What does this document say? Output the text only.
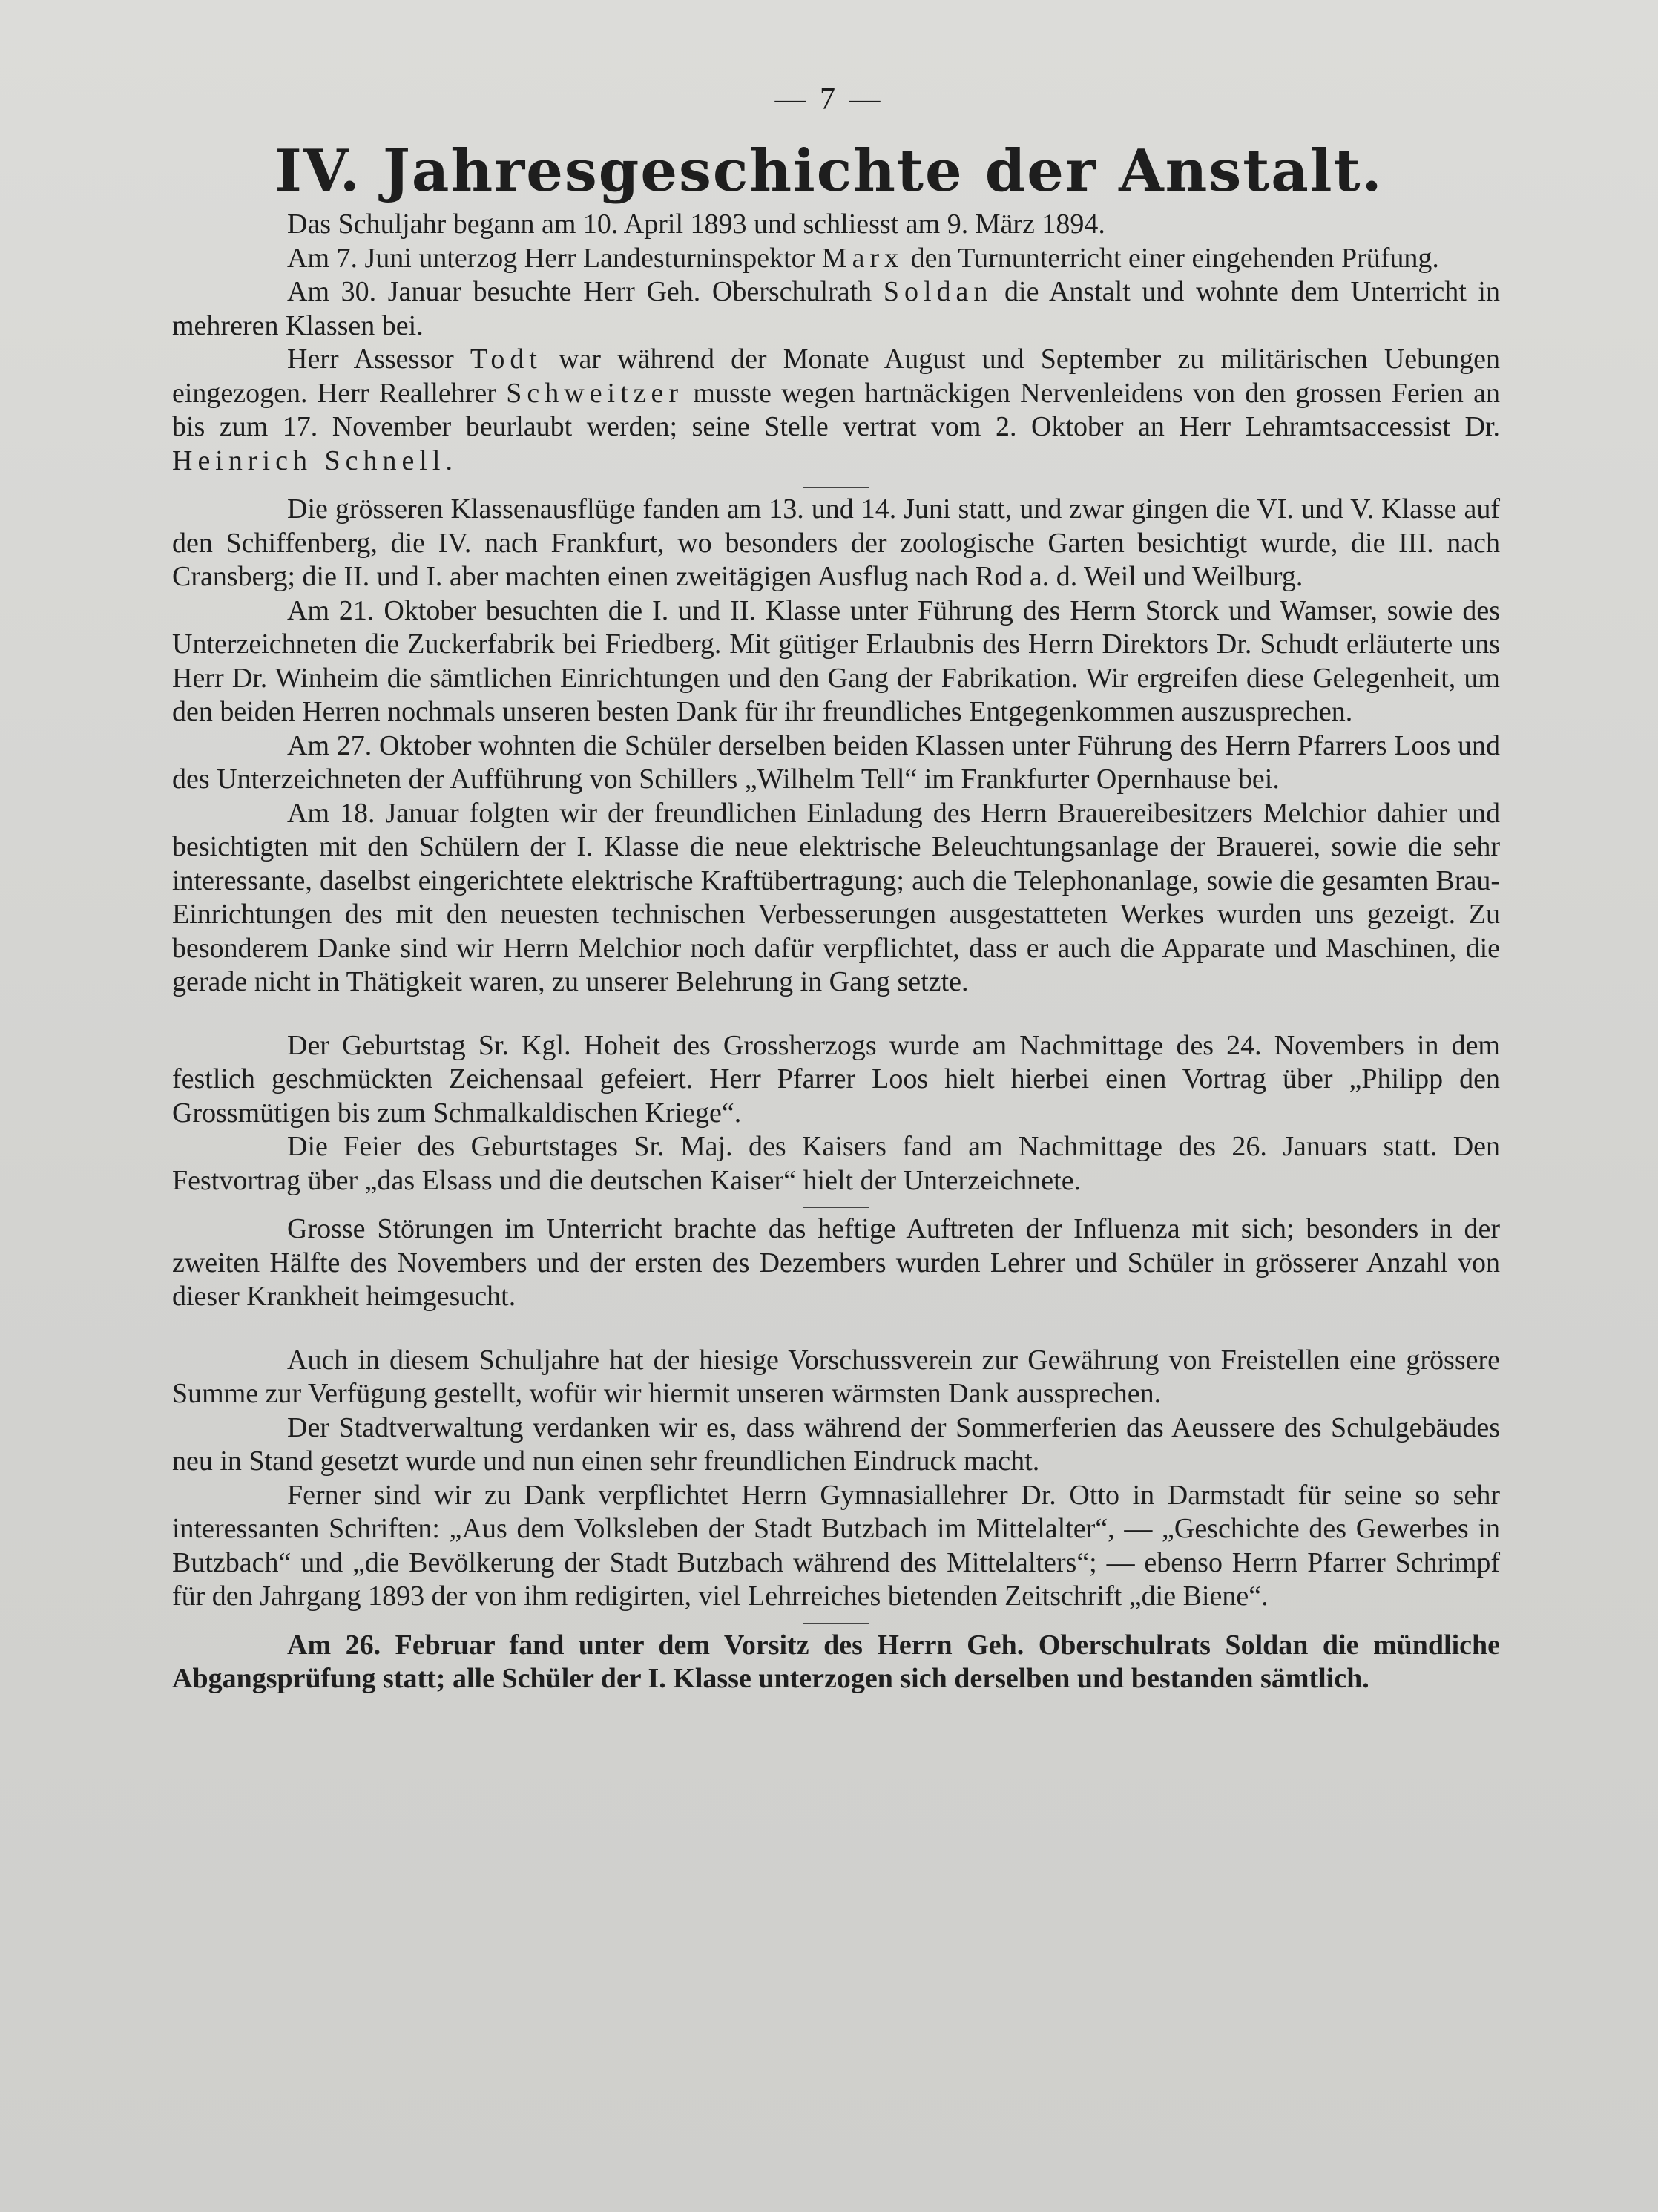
— 7 —
IV. Jahresgeschichte der Anstalt.

Das Schuljahr begann am 10. April 1893 und schliesst am 9. März 1894.

Am 7. Juni unterzog Herr Landesturninspektor Marx den Turnunterricht einer eingehenden Prüfung.

Am 30. Januar besuchte Herr Geh. Oberschulrath Soldan die Anstalt und wohnte dem Unterricht in mehreren Klassen bei.

Herr Assessor Todt war während der Monate August und September zu militärischen Uebungen eingezogen. Herr Reallehrer Schweitzer musste wegen hartnäckigen Nervenleidens von den grossen Ferien an bis zum 17. November beurlaubt werden; seine Stelle vertrat vom 2. Oktober an Herr Lehramtsaccessist Dr. Heinrich Schnell.

Die grösseren Klassenausflüge fanden am 13. und 14. Juni statt, und zwar gingen die VI. und V. Klasse auf den Schiffenberg, die IV. nach Frankfurt, wo besonders der zoologische Garten besichtigt wurde, die III. nach Cransberg; die II. und I. aber machten einen zweitägigen Ausflug nach Rod a. d. Weil und Weilburg.

Am 21. Oktober besuchten die I. und II. Klasse unter Führung des Herrn Storck und Wamser, sowie des Unterzeichneten die Zuckerfabrik bei Friedberg. Mit gütiger Erlaubnis des Herrn Direktors Dr. Schudt erläuterte uns Herr Dr. Winheim die sämtlichen Einrichtungen und den Gang der Fabrikation. Wir ergreifen diese Gelegenheit, um den beiden Herren nochmals unseren besten Dank für ihr freundliches Entgegenkommen auszusprechen.

Am 27. Oktober wohnten die Schüler derselben beiden Klassen unter Führung des Herrn Pfarrers Loos und des Unterzeichneten der Aufführung von Schillers „Wilhelm Tell“ im Frankfurter Opernhause bei.

Am 18. Januar folgten wir der freundlichen Einladung des Herrn Brauereibesitzers Melchior dahier und besichtigten mit den Schülern der I. Klasse die neue elektrische Beleuchtungsanlage der Brauerei, sowie die sehr interessante, daselbst eingerichtete elektrische Kraftübertragung; auch die Telephonanlage, sowie die gesamten Brau-Einrichtungen des mit den neuesten technischen Verbesserungen ausgestatteten Werkes wurden uns gezeigt. Zu besonderem Danke sind wir Herrn Melchior noch dafür verpflichtet, dass er auch die Apparate und Maschinen, die gerade nicht in Thätigkeit waren, zu unserer Belehrung in Gang setzte.

Der Geburtstag Sr. Kgl. Hoheit des Grossherzogs wurde am Nachmittage des 24. Novembers in dem festlich geschmückten Zeichensaal gefeiert. Herr Pfarrer Loos hielt hierbei einen Vortrag über „Philipp den Grossmütigen bis zum Schmalkaldischen Kriege“.

Die Feier des Geburtstages Sr. Maj. des Kaisers fand am Nachmittage des 26. Januars statt. Den Festvortrag über „das Elsass und die deutschen Kaiser“ hielt der Unterzeichnete.

Grosse Störungen im Unterricht brachte das heftige Auftreten der Influenza mit sich; besonders in der zweiten Hälfte des Novembers und der ersten des Dezembers wurden Lehrer und Schüler in grösserer Anzahl von dieser Krankheit heimgesucht.

Auch in diesem Schuljahre hat der hiesige Vorschussverein zur Gewährung von Freistellen eine grössere Summe zur Verfügung gestellt, wofür wir hiermit unseren wärmsten Dank aussprechen.

Der Stadtverwaltung verdanken wir es, dass während der Sommerferien das Aeussere des Schulgebäudes neu in Stand gesetzt wurde und nun einen sehr freundlichen Eindruck macht.

Ferner sind wir zu Dank verpflichtet Herrn Gymnasiallehrer Dr. Otto in Darmstadt für seine so sehr interessanten Schriften: „Aus dem Volksleben der Stadt Butzbach im Mittelalter“, — „Geschichte des Gewerbes in Butzbach“ und „die Bevölkerung der Stadt Butzbach während des Mittelalters“; — ebenso Herrn Pfarrer Schrimpf für den Jahrgang 1893 der von ihm redigirten, viel Lehrreiches bietenden Zeitschrift „die Biene“.

Am 26. Februar fand unter dem Vorsitz des Herrn Geh. Oberschulrats Soldan die mündliche Abgangsprüfung statt; alle Schüler der I. Klasse unterzogen sich derselben und bestanden sämtlich.
